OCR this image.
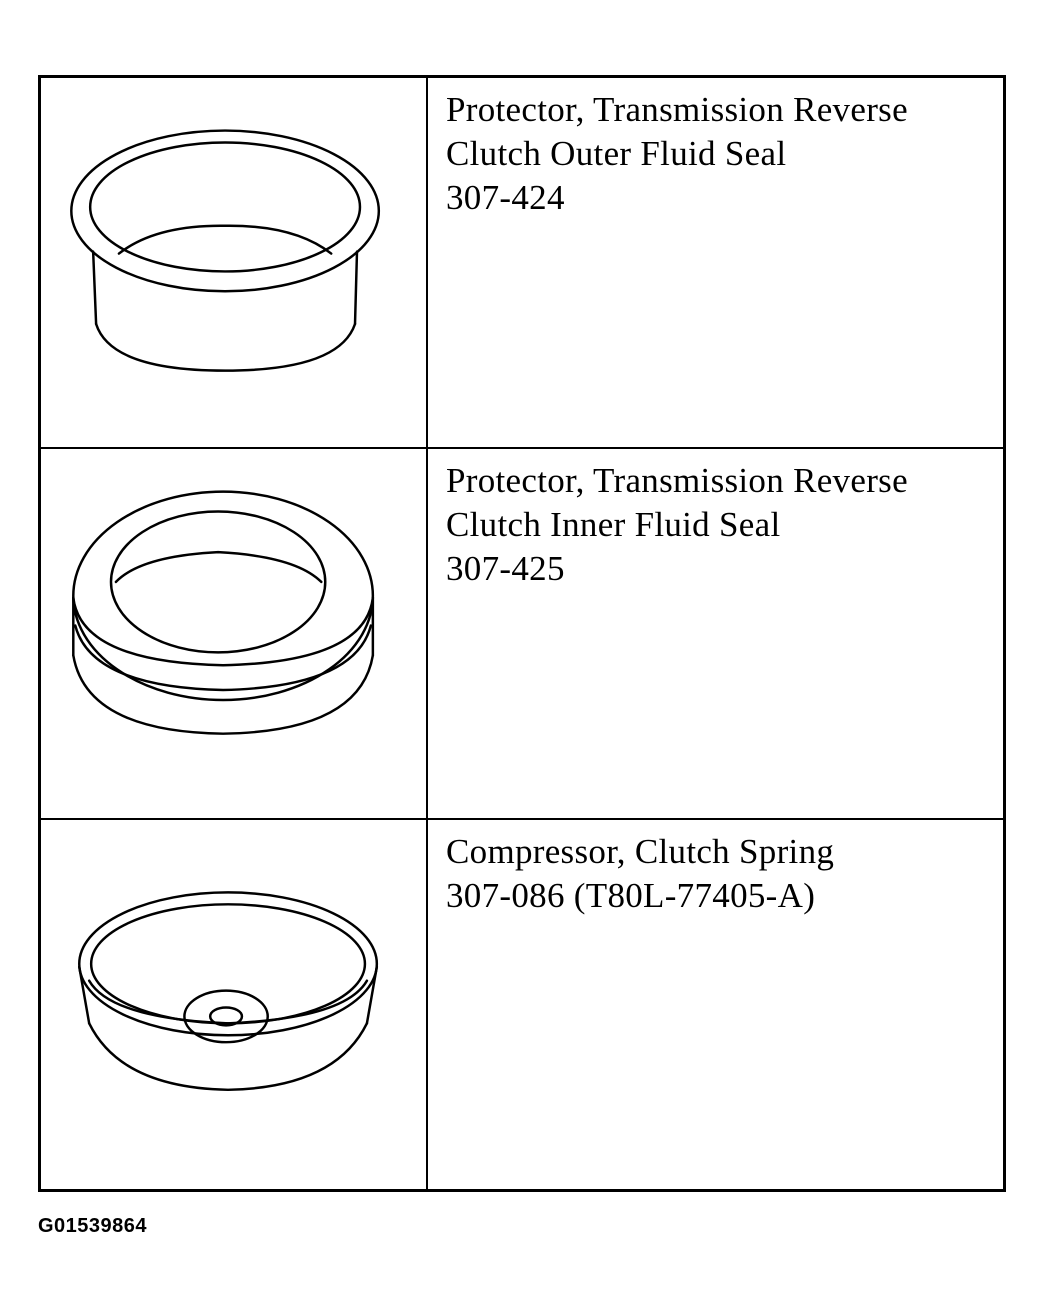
Protector, Transmission Reverse
Clutch Outer Fluid Seal
307-424
Protector, Transmission Reverse
Clutch Inner Fluid Seal
307-425
Compressor, Clutch Spring
307-086 (T80L-77405-A)
G01539864
